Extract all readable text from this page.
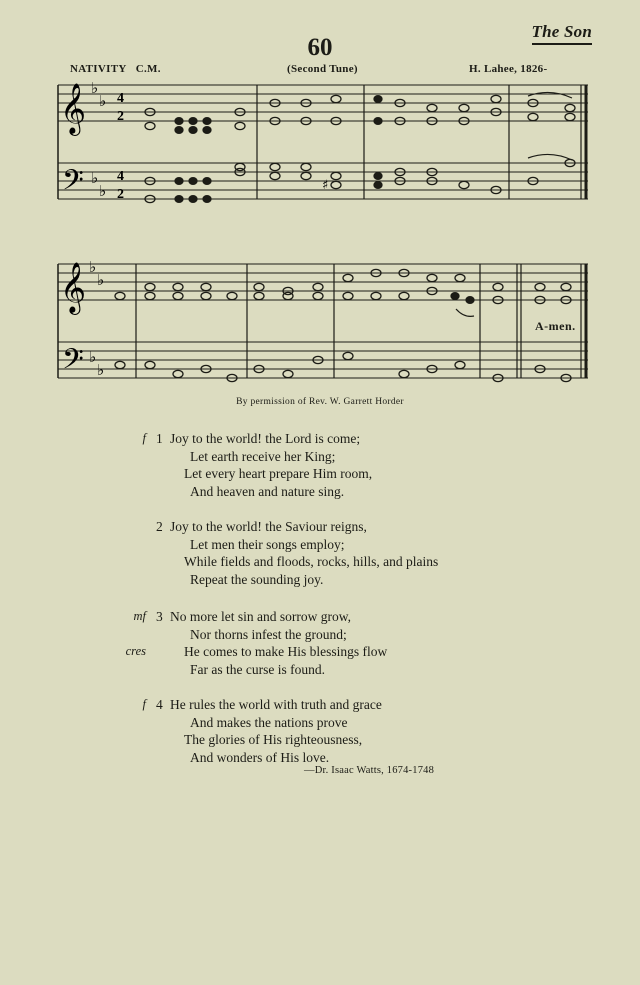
The Son
60
NATIVITY C.M.	(Second Tune)	H. Lahee, 1826-
𝄞
𝄢
♭
♭
♭
♭
4
2
4
2
♯
𝄞
𝄢
♭
♭
♭
♭
A-men.
By permission of Rev. W. Garrett Horder
f 1 Joy to the world! the Lord is come;
Let earth receive her King;
Let every heart prepare Him room,
And heaven and nature sing.
2 Joy to the world! the Saviour reigns,
Let men their songs employ;
While fields and floods, rocks, hills, and plains
Repeat the sounding joy.
mf 3 No more let sin and sorrow grow,
Nor thorns infest the ground;
cres	He comes to make His blessings flow
Far as the curse is found.
f 4 He rules the world with truth and grace
And makes the nations prove
The glories of His righteousness,
And wonders of His love.
—Dr. Isaac Watts, 1674-1748
